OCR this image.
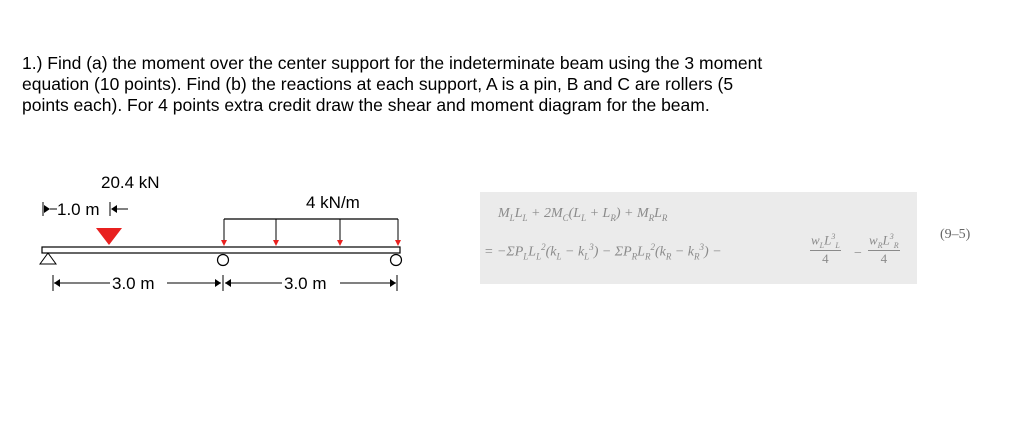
1.) Find (a) the moment over the center support for the indeterminate beam using the 3 moment
equation (10 points). Find (b) the reactions at each support, A is a pin, B and C are rollers (5
points each). For 4 points extra credit draw the shear and moment diagram for the beam.
20.4 kN
1.0 m	4 kN/m
3.0 m	3.0 m
$M_LL_L + 2M_C(L_L + L_R) + M_RL_R$
= $-\Sigma P_LL_L^2(k_L - k_L^3) - \Sigma P_RL_R^2(k_R - k_R^3)$ −
$w_LL^3_L$
4	−
$w_RL^3_R$
4
(9–5)
